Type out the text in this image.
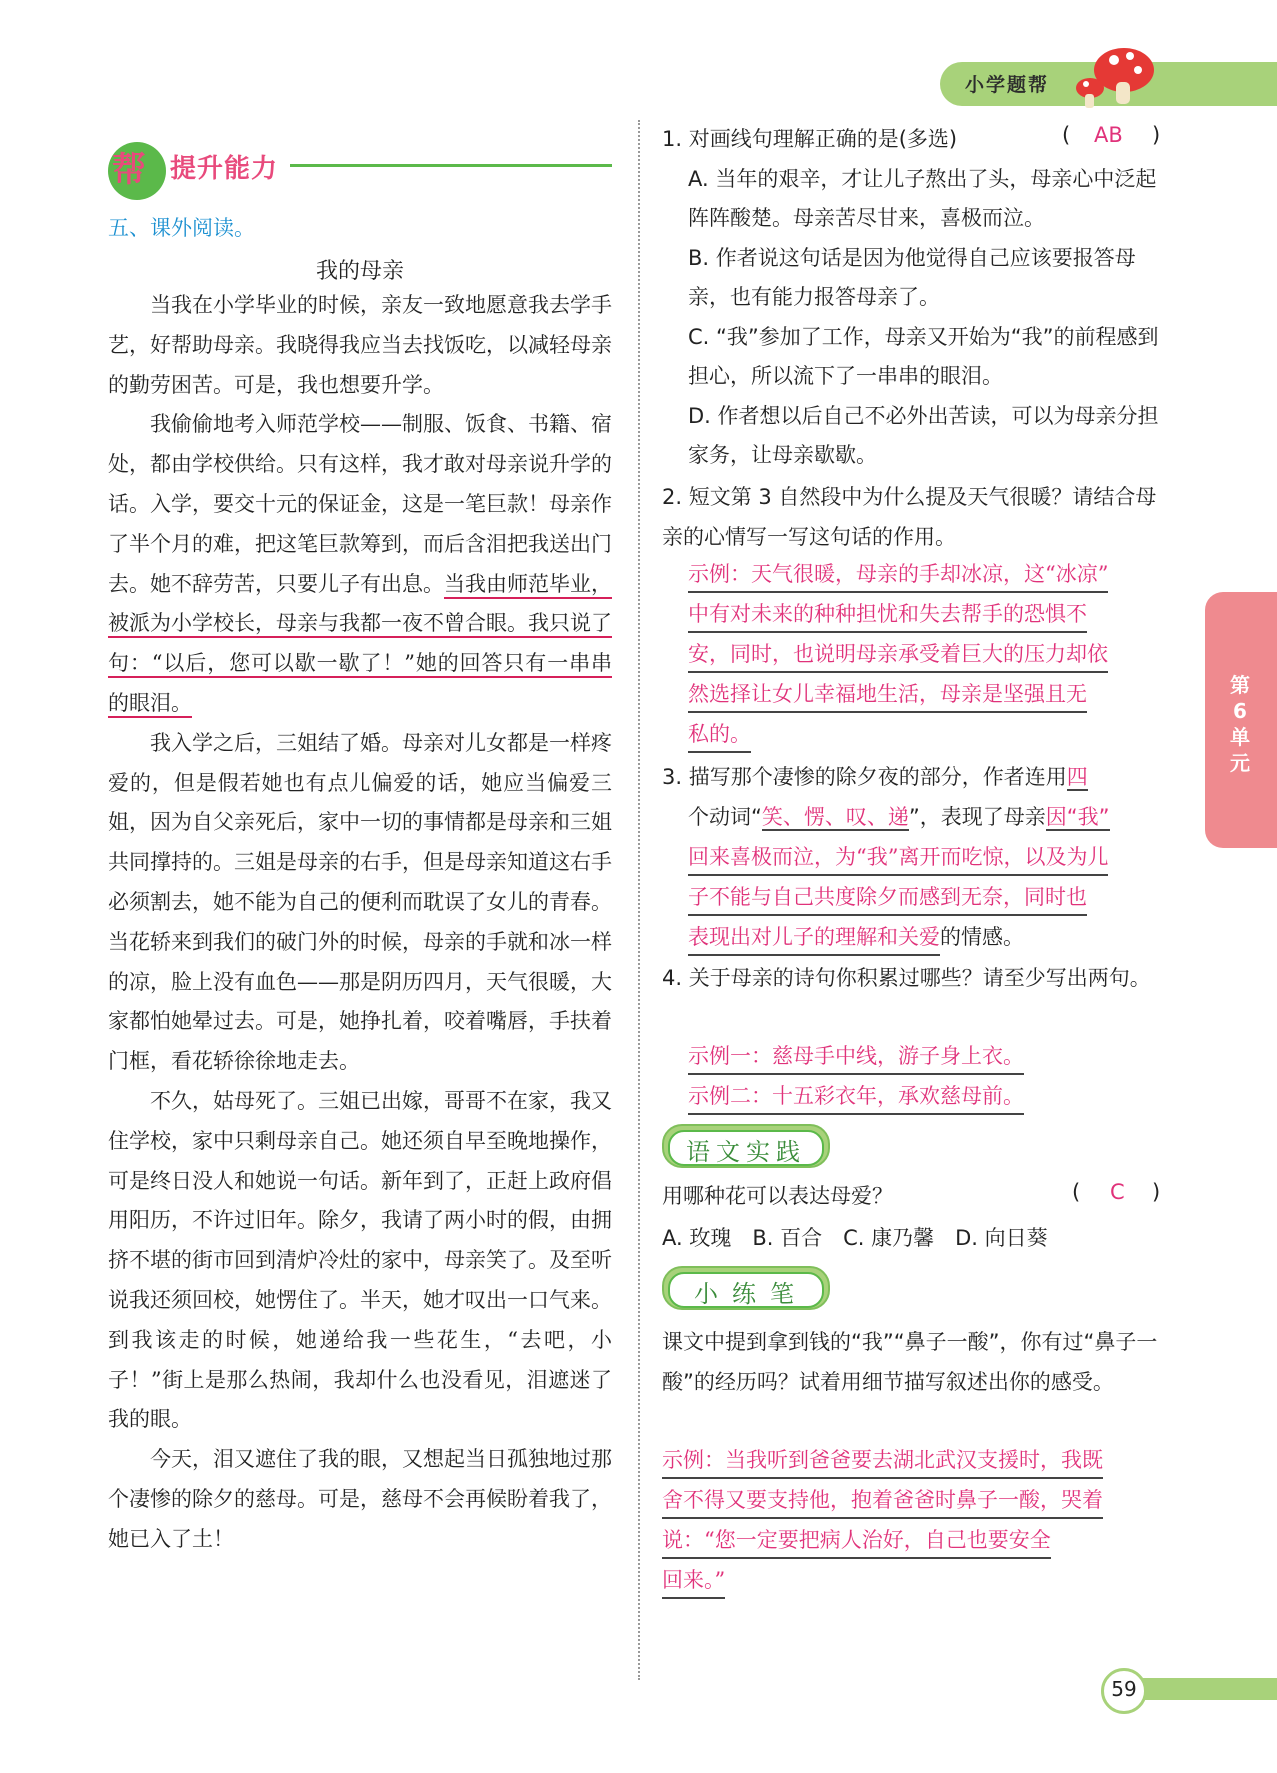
小学题帮
帮 提升能力
五、课外阅读。
我的母亲

当我在小学毕业的时候，亲友一致地愿意我去学手艺，好帮助母亲。我晓得我应当去找饭吃，以减轻母亲的勤劳困苦。可是，我也想要升学。

我偷偷地考入师范学校——制服、饭食、书籍、宿处，都由学校供给。只有这样，我才敢对母亲说升学的话。入学，要交十元的保证金，这是一笔巨款！母亲作了半个月的难，把这笔巨款筹到，而后含泪把我送出门去。她不辞劳苦，只要儿子有出息。当我由师范毕业，被派为小学校长，母亲与我都一夜不曾合眼。我只说了句：“以后，您可以歇一歇了！”她的回答只有一串串的眼泪。

我入学之后，三姐结了婚。母亲对儿女都是一样疼爱的，但是假若她也有点儿偏爱的话，她应当偏爱三姐，因为自父亲死后，家中一切的事情都是母亲和三姐共同撑持的。三姐是母亲的右手，但是母亲知道这右手必须割去，她不能为自己的便利而耽误了女儿的青春。当花轿来到我们的破门外的时候，母亲的手就和冰一样的凉，脸上没有血色——那是阴历四月，天气很暖，大家都怕她晕过去。可是，她挣扎着，咬着嘴唇，手扶着门框，看花轿徐徐地走去。

不久，姑母死了。三姐已出嫁，哥哥不在家，我又住学校，家中只剩母亲自己。她还须自早至晚地操作，可是终日没人和她说一句话。新年到了，正赶上政府倡用阳历，不许过旧年。除夕，我请了两小时的假，由拥挤不堪的街市回到清炉冷灶的家中，母亲笑了。及至听说我还须回校，她愣住了。半天，她才叹出一口气来。到我该走的时候，她递给我一些花生，“去吧，小子！”街上是那么热闹，我却什么也没看见，泪遮迷了我的眼。

今天，泪又遮住了我的眼，又想起当日孤独地过那个凄惨的除夕的慈母。可是，慈母不会再候盼着我了，她已入了土！

1. 对画线句理解正确的是(多选)	( AB )
A. 当年的艰辛，才让儿子熬出了头，母亲心中泛起阵阵酸楚。母亲苦尽甘来，喜极而泣。
B. 作者说这句话是因为他觉得自己应该要报答母亲，也有能力报答母亲了。
C. “我”参加了工作，母亲又开始为“我”的前程感到担心，所以流下了一串串的眼泪。
D. 作者想以后自己不必外出苦读，可以为母亲分担家务，让母亲歇歇。
2. 短文第 3 自然段中为什么提及天气很暖？请结合母亲的心情写一写这句话的作用。
示例：天气很暖，母亲的手却冰凉，这“冰凉”
中有对未来的种种担忧和失去帮手的恐惧不
安，同时，也说明母亲承受着巨大的压力却依
然选择让女儿幸福地生活，母亲是坚强且无
私的。
3. 描写那个凄惨的除夕夜的部分，作者连用四
个动词“笑、愣、叹、递”，表现了母亲因“我”
回来喜极而泣，为“我”离开而吃惊，以及为儿
子不能与自己共度除夕而感到无奈，同时也
表现出对儿子的理解和关爱的情感。
4. 关于母亲的诗句你积累过哪些？请至少写出两句。
示例一：慈母手中线，游子身上衣。
示例二：十五彩衣年，承欢慈母前。
语文实践
用哪种花可以表达母爱？	( C )
A. 玫瑰　B. 百合　C. 康乃馨　D. 向日葵
小练笔
课文中提到拿到钱的“我”“鼻子一酸”，你有过“鼻子一酸”的经历吗？试着用细节描写叙述出你的感受。
示例：当我听到爸爸要去湖北武汉支援时，我既
舍不得又要支持他，抱着爸爸时鼻子一酸，哭着
说：“您一定要把病人治好，自己也要安全
回来。”
第
6
单
元
59
